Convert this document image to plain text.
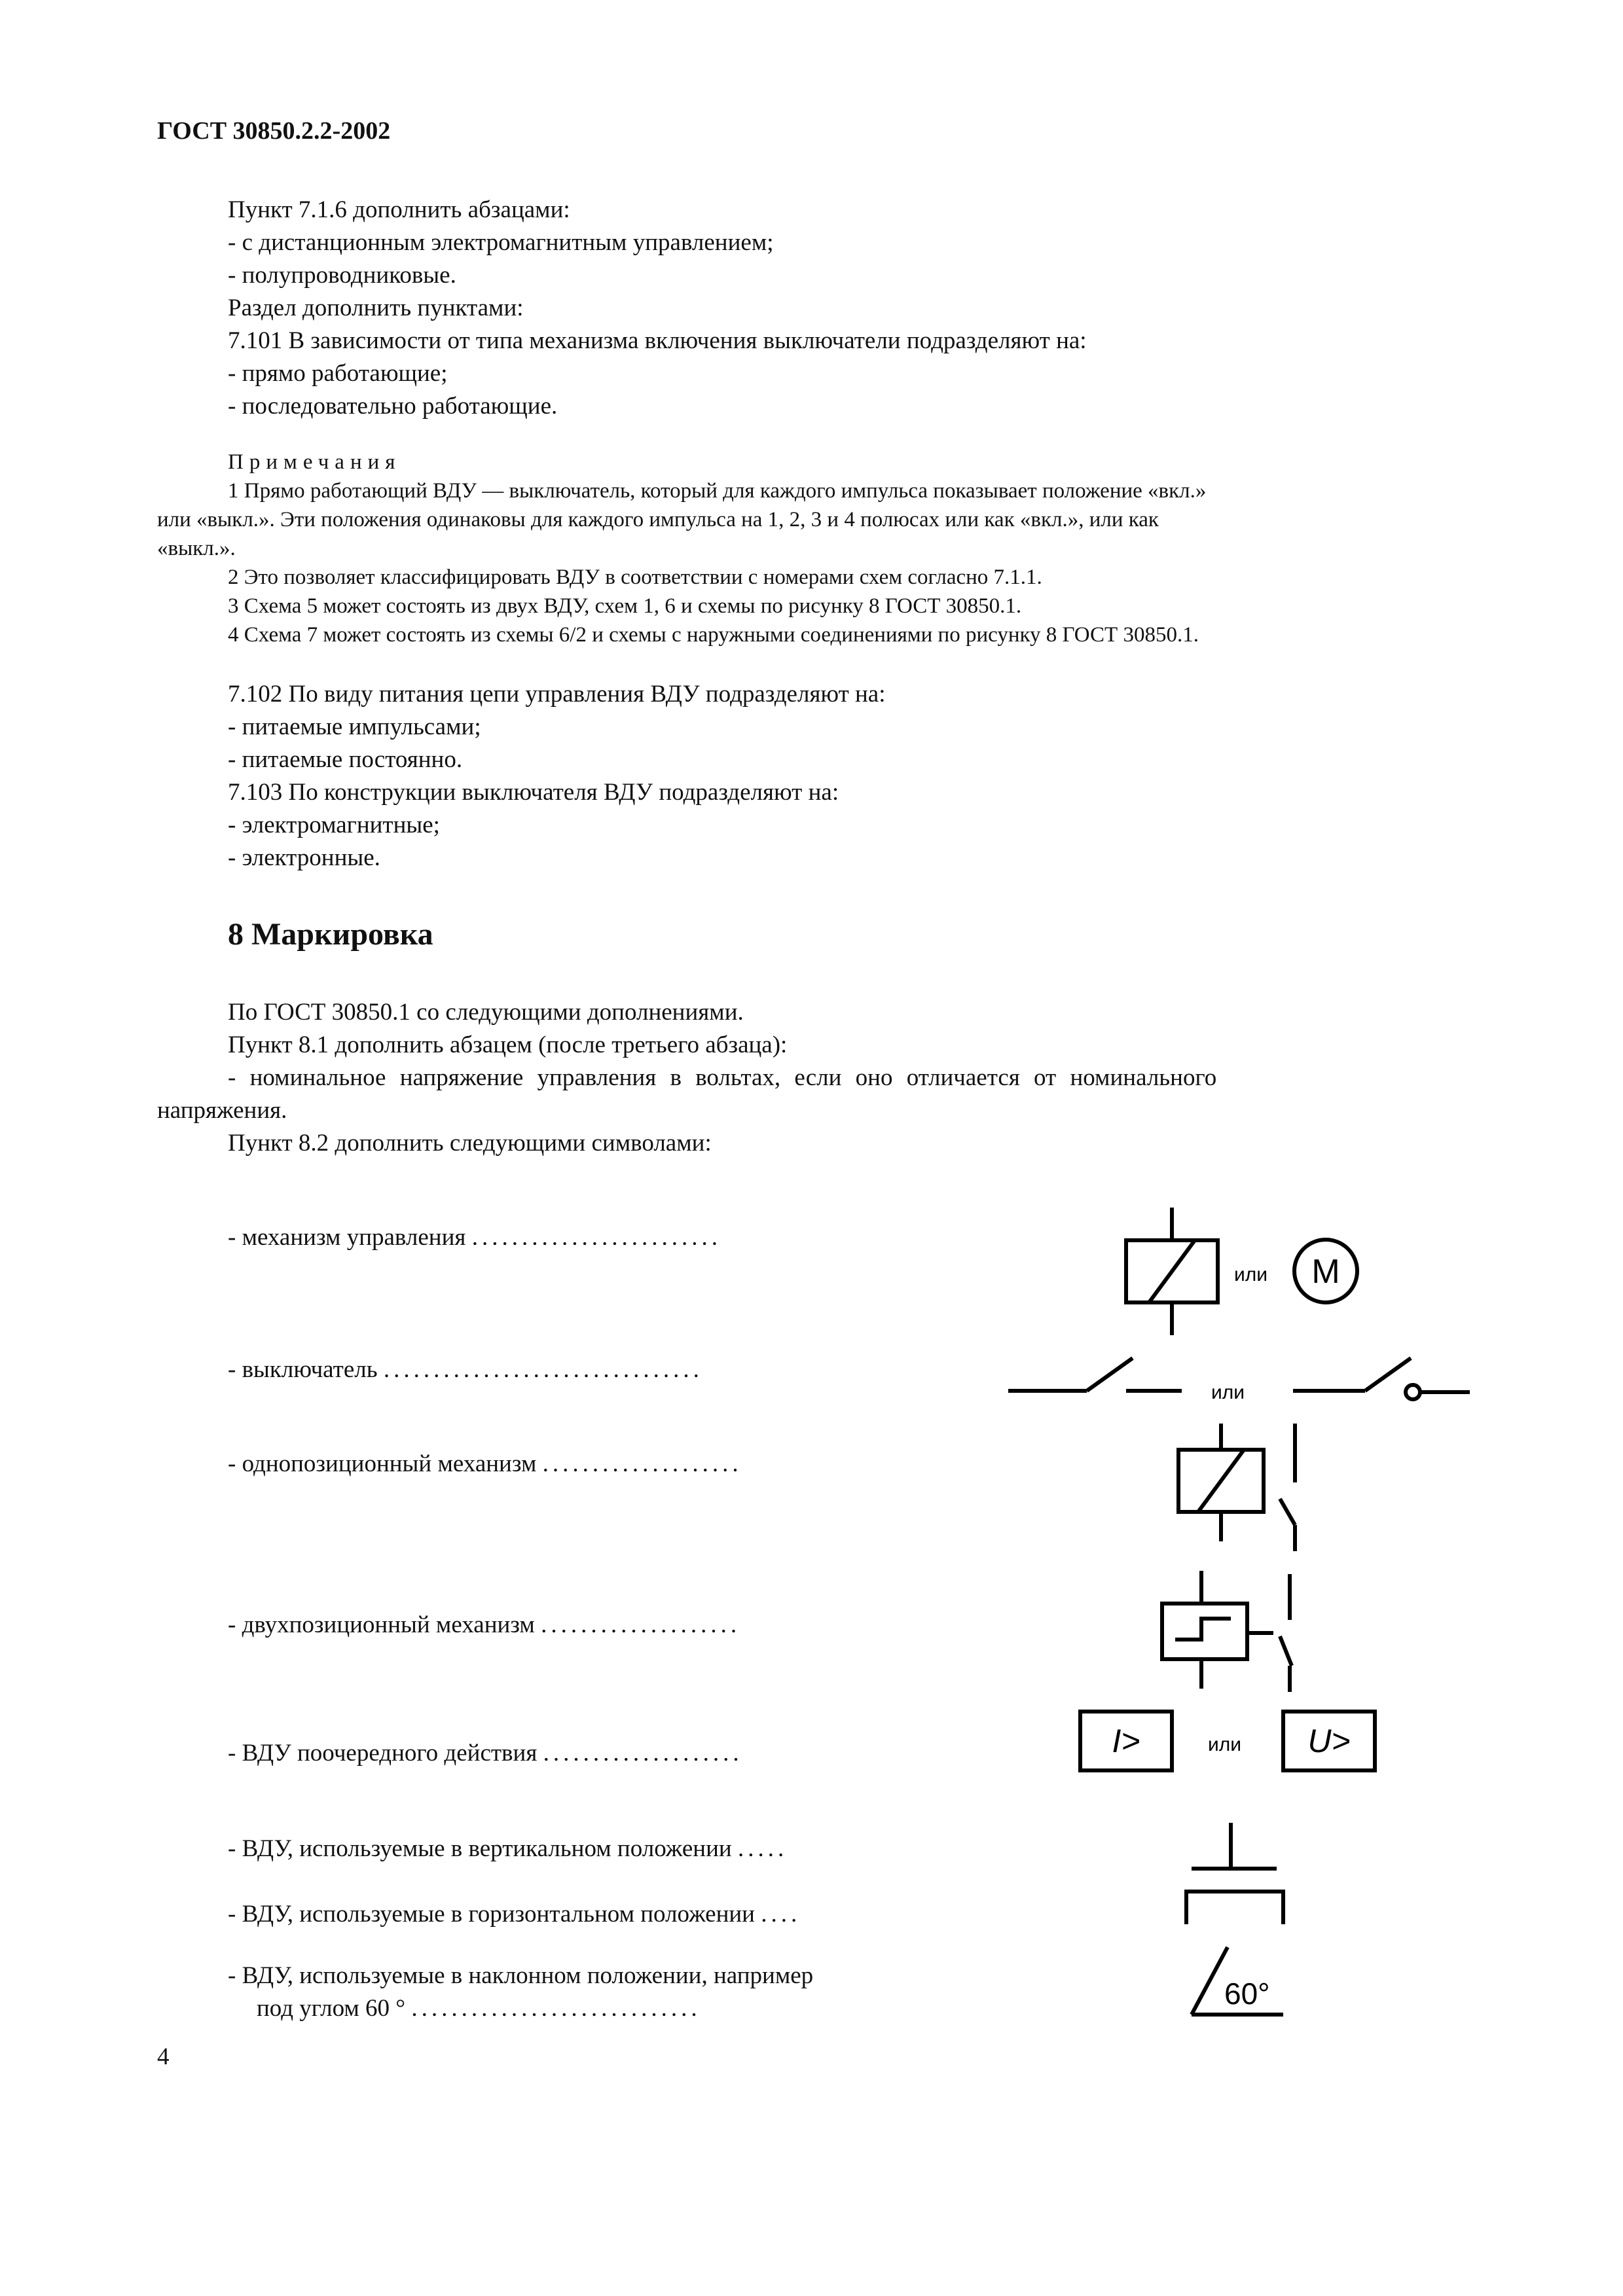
ГОСТ 30850.2.2-2002
Пункт 7.1.6 дополнить абзацами:
- с дистанционным электромагнитным управлением;
- полупроводниковые.
Раздел дополнить пунктами:
7.101 В зависимости от типа механизма включения выключатели подразделяют на:
- прямо работающие;
- последовательно работающие.
Примечания
1 Прямо работающий ВДУ — выключатель, который для каждого импульса показывает положение «вкл.»
или «выкл.». Эти положения одинаковы для каждого импульса на 1, 2, 3 и 4 полюсах или как «вкл.», или как
«выкл.».
2 Это позволяет классифицировать ВДУ в соответствии с номерами схем согласно 7.1.1.
3 Схема 5 может состоять из двух ВДУ, схем 1, 6 и схемы по рисунку 8 ГОСТ 30850.1.
4 Схема 7 может состоять из схемы 6/2 и схемы с наружными соединениями по рисунку 8 ГОСТ 30850.1.
7.102 По виду питания цепи управления ВДУ подразделяют на:
- питаемые импульсами;
- питаемые постоянно.
7.103 По конструкции выключателя ВДУ подразделяют на:
- электромагнитные;
- электронные.
8 Маркировка
По ГОСТ 30850.1 со следующими дополнениями.
Пункт 8.1 дополнить абзацем (после третьего абзаца):
- номинальное напряжение управления в вольтах, если оно отличается от номинального
напряжения.
Пункт 8.2 дополнить следующими символами:
- механизм управления .........................
- выключатель ................................
- однопозиционный механизм ....................
- двухпозиционный механизм ....................
- ВДУ поочередного действия ....................
- ВДУ, используемые в вертикальном положении .....
- ВДУ, используемые в горизонтальном положении ....
- ВДУ, используемые в наклонном положении, например
под углом 60 ° .............................
или M
или
I>	или U>
60°
4
